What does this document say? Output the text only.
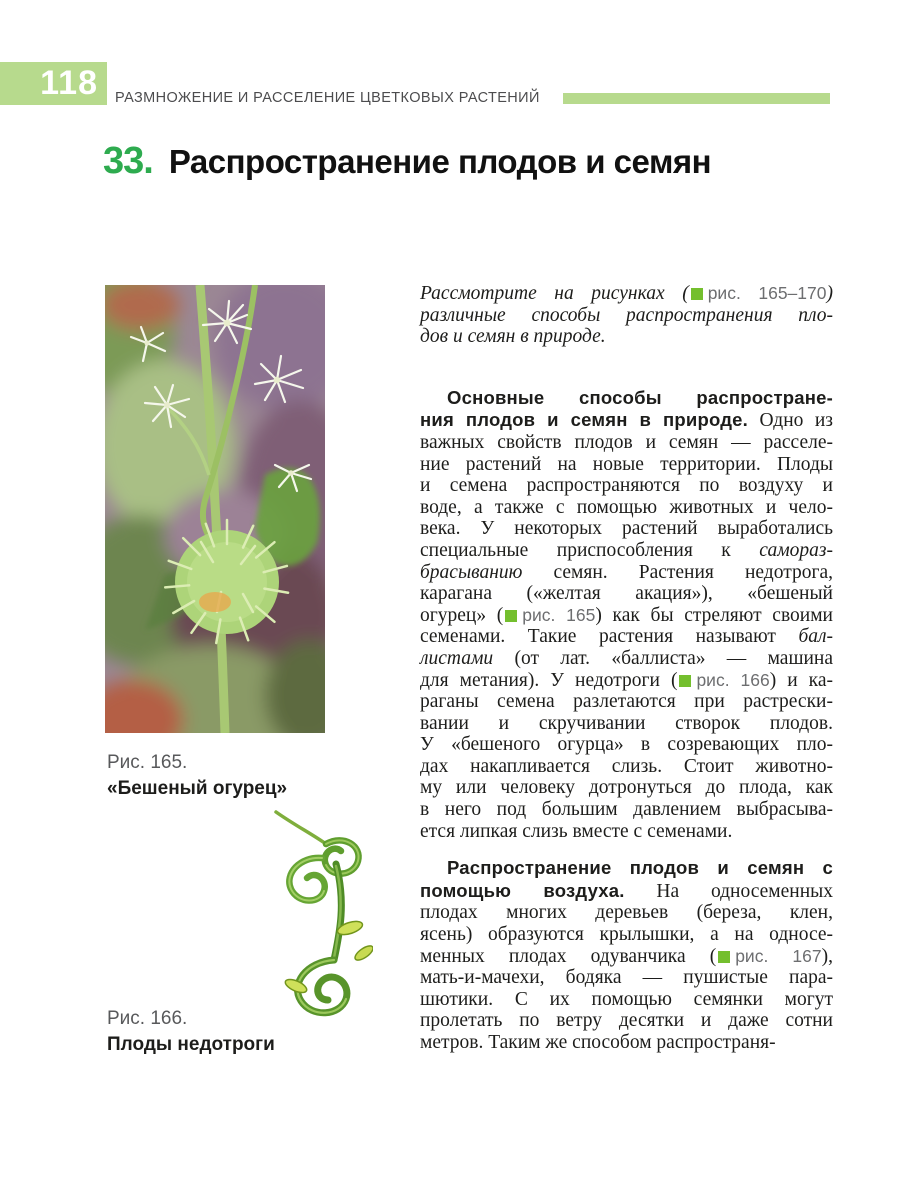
118	РАЗМНОЖЕНИЕ И РАССЕЛЕНИЕ ЦВЕТКОВЫХ РАСТЕНИЙ
33. Распространение плодов и семян
Рис. 165.
«Бешеный огурец»
Рис. 166.
Плоды недотроги
Рассмотрите на рисунках ( рис. 165–170)
различные способы распространения пло-
дов и семян в природе.
Основные способы распростране-
ния плодов и семян в природе. Одно из
важных свойств плодов и семян — расселе-
ние растений на новые территории. Плоды
и семена распространяются по воздуху и
воде, а также с помощью животных и чело-
века. У некоторых растений выработались
специальные приспособления к самораз-
брасыванию семян. Растения недотрога,
карагана («желтая акация»), «бешеный
огурец» ( рис. 165) как бы стреляют своими
семенами. Такие растения называют бал-
листами (от лат. «баллиста» — машина
для метания). У недотроги ( рис. 166) и ка-
раганы семена разлетаются при растрески-
вании и скручивании створок плодов.
У «бешеного огурца» в созревающих пло-
дах накапливается слизь. Стоит животно-
му или человеку дотронуться до плода, как
в него под большим давлением выбрасыва-
ется липкая слизь вместе с семенами.
Распространение плодов и семян с
помощью воздуха. На односеменных
плодах многих деревьев (береза, клен,
ясень) образуются крылышки, а на односе-
менных плодах одуванчика ( рис. 167),
мать-и-мачехи, бодяка — пушистые пара-
шютики. С их помощью семянки могут
пролетать по ветру десятки и даже сотни
метров. Таким же способом распространя-
